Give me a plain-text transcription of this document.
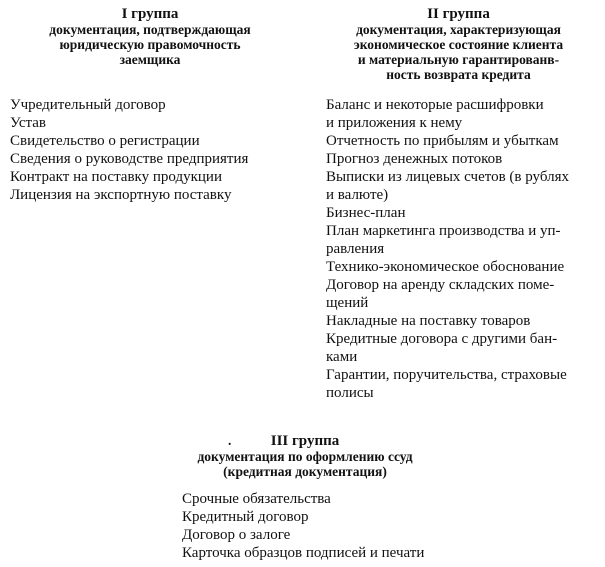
I группа
документация, подтверждающая
юридическую правомочность
заемщика
II группа
документация, характеризующая
экономическое состояние клиента
и материальную гарантированв-
ность возврата кредита
Учредительный договор
Устав
Свидетельство о регистрации
Сведения о руководстве предприятия
Контракт на поставку продукции
Лицензия на экспортную поставку
Баланс и некоторые расшифровки
и приложения к нему
Отчетность по прибылям и убыткам
Прогноз денежных потоков
Выписки из лицевых счетов (в рублях
и валюте)
Бизнес-план
План маркетинга производства и уп-
равления
Технико-экономическое обоснование
Договор на аренду складских поме-
щений
Накладные на поставку товаров
Кредитные договора с другими бан-
ками
Гарантии, поручительства, страховые
полисы
.	III группа
документация по оформлению ссуд
(кредитная документация)
Срочные обязательства
Кредитный договор
Договор о залоге
Карточка образцов подписей и печати
